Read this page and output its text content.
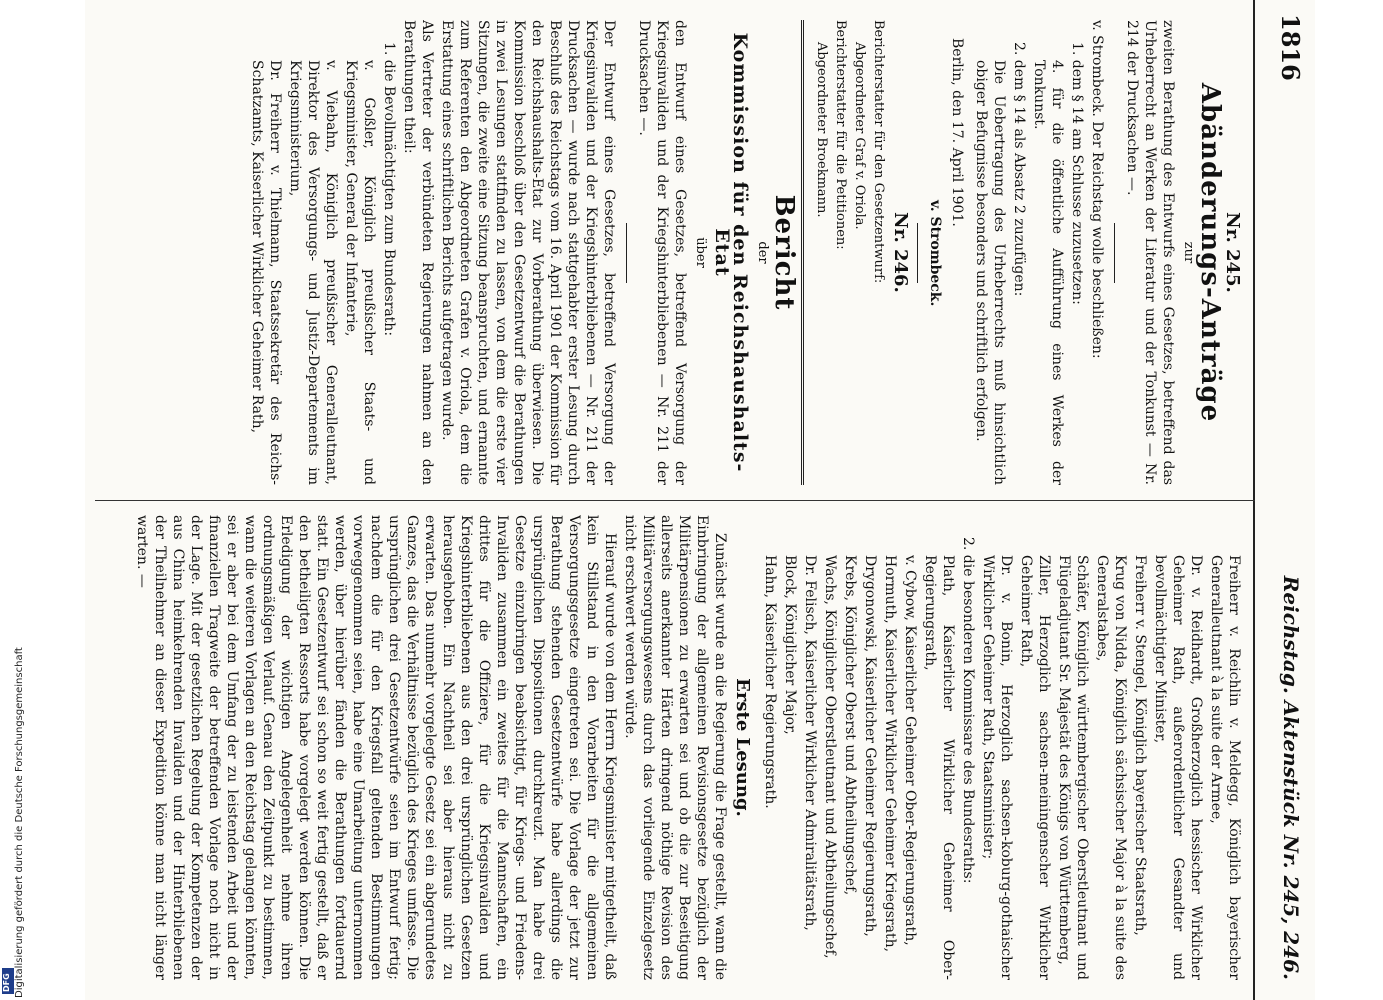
Digitalisierung gefördert durch die Deutsche Forschungsgemeinschaft
DFG
1816
Reichstag. Aktenstück Nr. 245, 246.
Nr. 245.
Abänderungs-Anträge
zur
zweiten Berathung des Entwurfs eines Gesetzes, betreffend das Urheberrecht an Werken der Literatur und der Tonkunst — Nr. 214 der Drucksachen —.
v. Strombeck. Der Reichstag wolle beschließen:
1. dem § 14 am Schlusse zuzusetzen:
4. für die öffentliche Aufführung eines Werkes der Tonkunst.
2. dem § 14 als Absatz 2 zuzufügen:
Die Uebertragung des Urheberrechts muß hinsichtlich obiger Befugnisse besonders und schriftlich erfolgen.
Berlin, den 17. April 1901.
v. Strombeck.
Nr. 246.
Berichterstatter für den Gesetzentwurf:
Abgeordneter Graf v. Oriola.
Berichterstatter für die Petitionen:
Abgeordneter Broekmann.
Bericht
der
Kommission für den Reichshaushalts-Etat
über
den Entwurf eines Gesetzes, betreffend Versorgung der Kriegsinvaliden und der Kriegshinterbliebenen — Nr. 211 der Drucksachen —.
Der Entwurf eines Gesetzes, betreffend Versorgung der Kriegsinvaliden und der Kriegshinterbliebenen — Nr. 211 der Drucksachen — wurde nach stattgehabter erster Lesung durch Beschluß des Reichstags vom 16. April 1901 der Kommission für den Reichshaushalts-Etat zur Vorberathung überwiesen. Die Kommission beschloß über den Gesetzentwurf die Berathungen in zwei Lesungen stattfinden zu lassen, von dem die erste vier Sitzungen, die zweite eine Sitzung beanspruchten, und ernannte zum Referenten den Abgeordneten Grafen v. Oriola, dem die Erstattung eines schriftlichen Berichts aufgetragen wurde.
Als Vertreter der verbündeten Regierungen nahmen an den Berathungen theil:
1. die Bevollmächtigten zum Bundesrath:
v. Goßler, Königlich preußischer Staats- und Kriegsminister, General der Infanterie,
v. Viebahn, Königlich preußischer Generalleutnant, Direktor des Versorgungs- und Justiz-Departements im Kriegsministerium,
Dr. Freiherr v. Thielmann, Staatssekretär des Reichs-Schatzamts, Kaiserlicher Wirklicher Geheimer Rath,
Freiherr v. Reichlin v. Meldegg, Königlich bayerischer Generalleutnant à la suite der Armee,
Dr. v. Reidhardt, Großherzoglich hessischer Wirklicher Geheimer Rath, außerordentlicher Gesandter und bevollmächtigter Minister,
Freiherr v. Stengel, Königlich bayerischer Staatsrath,
Krug von Nidda, Königlich sächsischer Major à la suite des Generalstabes,
Schäfer, Königlich württembergischer Oberstleutnant und Flügeladjutant Sr. Majestät des Königs von Württemberg,
Ziller, Herzoglich sachsen-meiningenscher Wirklicher Geheimer Rath,
Dr. v. Bonin, Herzoglich sachsen-koburg-gothaischer Wirklicher Geheimer Rath, Staatsminister;
2. die besonderen Kommissare des Bundesraths:
Plath, Kaiserlicher Wirklicher Geheimer Ober-Regierungsrath,
v. Cybow, Kaiserlicher Geheimer Ober-Regierungsrath,
Hormuth, Kaiserlicher Wirklicher Geheimer Kriegsrath,
Drygonowski, Kaiserlicher Geheimer Regierungsrath,
Krebs, Königlicher Oberst und Abtheilungschef,
Wachs, Königlicher Oberstleutnant und Abtheilungschef,
Dr. Felisch, Kaiserlicher Wirklicher Admiralitätsrath,
Block, Königlicher Major,
Hahn, Kaiserlicher Regierungsrath.
Erste Lesung.
Zunächst wurde an die Regierung die Frage gestellt, wann die Einbringung der allgemeinen Revisionsgesetze bezüglich der Militärpensionen zu erwarten sei und ob die zur Beseitigung allerseits anerkannter Härten dringend nöthige Revision des Militärversorgungswesens durch das vorliegende Einzelgesetz nicht erschwert werden würde.
Hierauf wurde von dem Herrn Kriegsminister mitgetheilt, daß kein Stillstand in den Vorarbeiten für die allgemeinen Versorgungsgesetze eingetreten sei. Die Vorlage der jetzt zur Berathung stehenden Gesetzentwürfe habe allerdings die ursprünglichen Dispositionen durchkreuzt. Man habe drei Gesetze einzubringen beabsichtigt, für Kriegs- und Friedens-Invaliden zusammen ein zweites für die Mannschaften, ein drittes für die Offiziere, für die Kriegsinvaliden und Kriegshinterbliebenen aus den drei ursprünglichen Gesetzen herausgehoben. Ein Nachtheil sei aber hieraus nicht zu erwarten. Das nunmehr vorgelegte Gesetz sei ein abgerundetes Ganzes, das die Verhältnisse bezüglich des Krieges umfasse. Die ursprünglichen drei Gesetzentwürfe seien im Entwurf fertig; nachdem die für den Kriegsfall geltenden Bestimmungen vorweggenommen seien, habe eine Umarbeitung unternommen werden, über hierüber fänden die Berathungen fortdauernd statt. Ein Gesetzentwurf sei schon so weit fertig gestellt, daß er den betheiligten Ressorts habe vorgelegt werden können. Die Erledigung der wichtigen Angelegenheit nehme ihren ordnungsmäßigen Verlauf. Genau den Zeitpunkt zu bestimmen, wann die weiteren Vorlagen an den Reichstag gelangen könnten, sei er aber bei dem Umfang der zu leistenden Arbeit und der finanziellen Tragweite der betreffenden Vorlage noch nicht in der Lage. Mit der gesetzlichen Regelung der Kompetenzen der aus China heimkehrenden Invaliden und der Hinterbliebenen der Theilnehmer an dieser Expedition könne man nicht länger warten. —
